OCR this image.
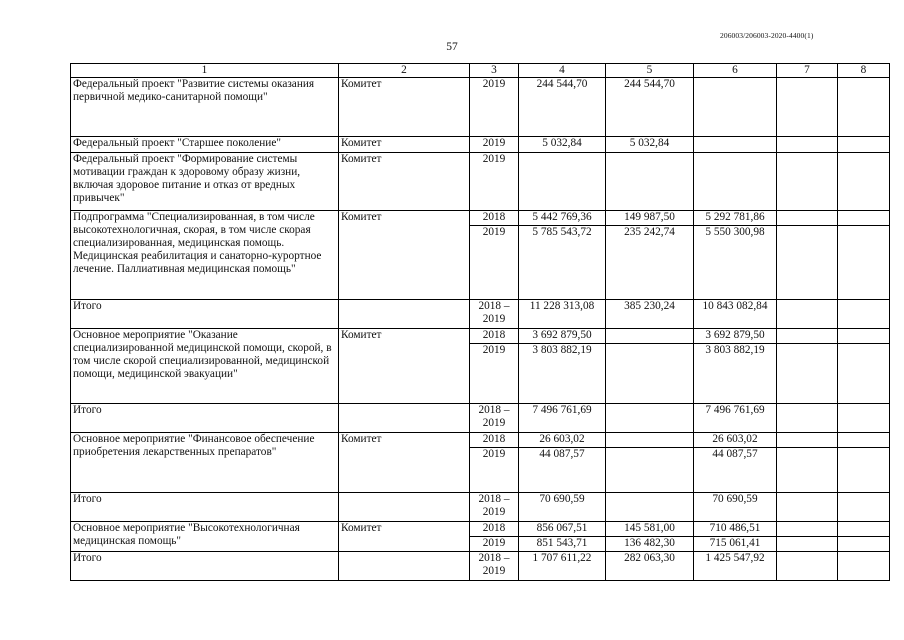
206003/206003-2020-4400(1)
57
1	2	3	4	5	6	7	8
Федеральный проект "Развитие системы оказания первичной медико-санитарной помощи"	Комитет	2019	244 544,70	244 544,70			
Федеральный проект "Старшее поколение"	Комитет	2019	5 032,84	5 032,84			
Федеральный проект "Формирование системы мотивации граждан к здоровому образу жизни, включая здоровое питание и отказ от вредных привычек"	Комитет	2019					
Подпрограмма "Специализированная, в том числе высокотехнологичная, скорая, в том числе скорая специализированная, медицинская помощь. Медицинская реабилитация и санаторно-курортное лечение. Паллиативная медицинская помощь"	Комитет	2018	5 442 769,36	149 987,50	5 292 781,86		
		2019	5 785 543,72	235 242,74	5 550 300,98		
Итого		2018 – 2019	11 228 313,08	385 230,24	10 843 082,84		
Основное мероприятие "Оказание специализированной медицинской помощи, скорой, в том числе скорой специализированной, медицинской помощи, медицинской эвакуации"	Комитет	2018	3 692 879,50		3 692 879,50		
		2019	3 803 882,19		3 803 882,19		
Итого		2018 – 2019	7 496 761,69		7 496 761,69		
Основное мероприятие "Финансовое обеспечение приобретения лекарственных препаратов"	Комитет	2018	26 603,02		26 603,02		
		2019	44 087,57		44 087,57		
Итого		2018 – 2019	70 690,59		70 690,59		
Основное мероприятие "Высокотехнологичная медицинская помощь"	Комитет	2018	856 067,51	145 581,00	710 486,51		
		2019	851 543,71	136 482,30	715 061,41		
Итого		2018 – 2019	1 707 611,22	282 063,30	1 425 547,92		
